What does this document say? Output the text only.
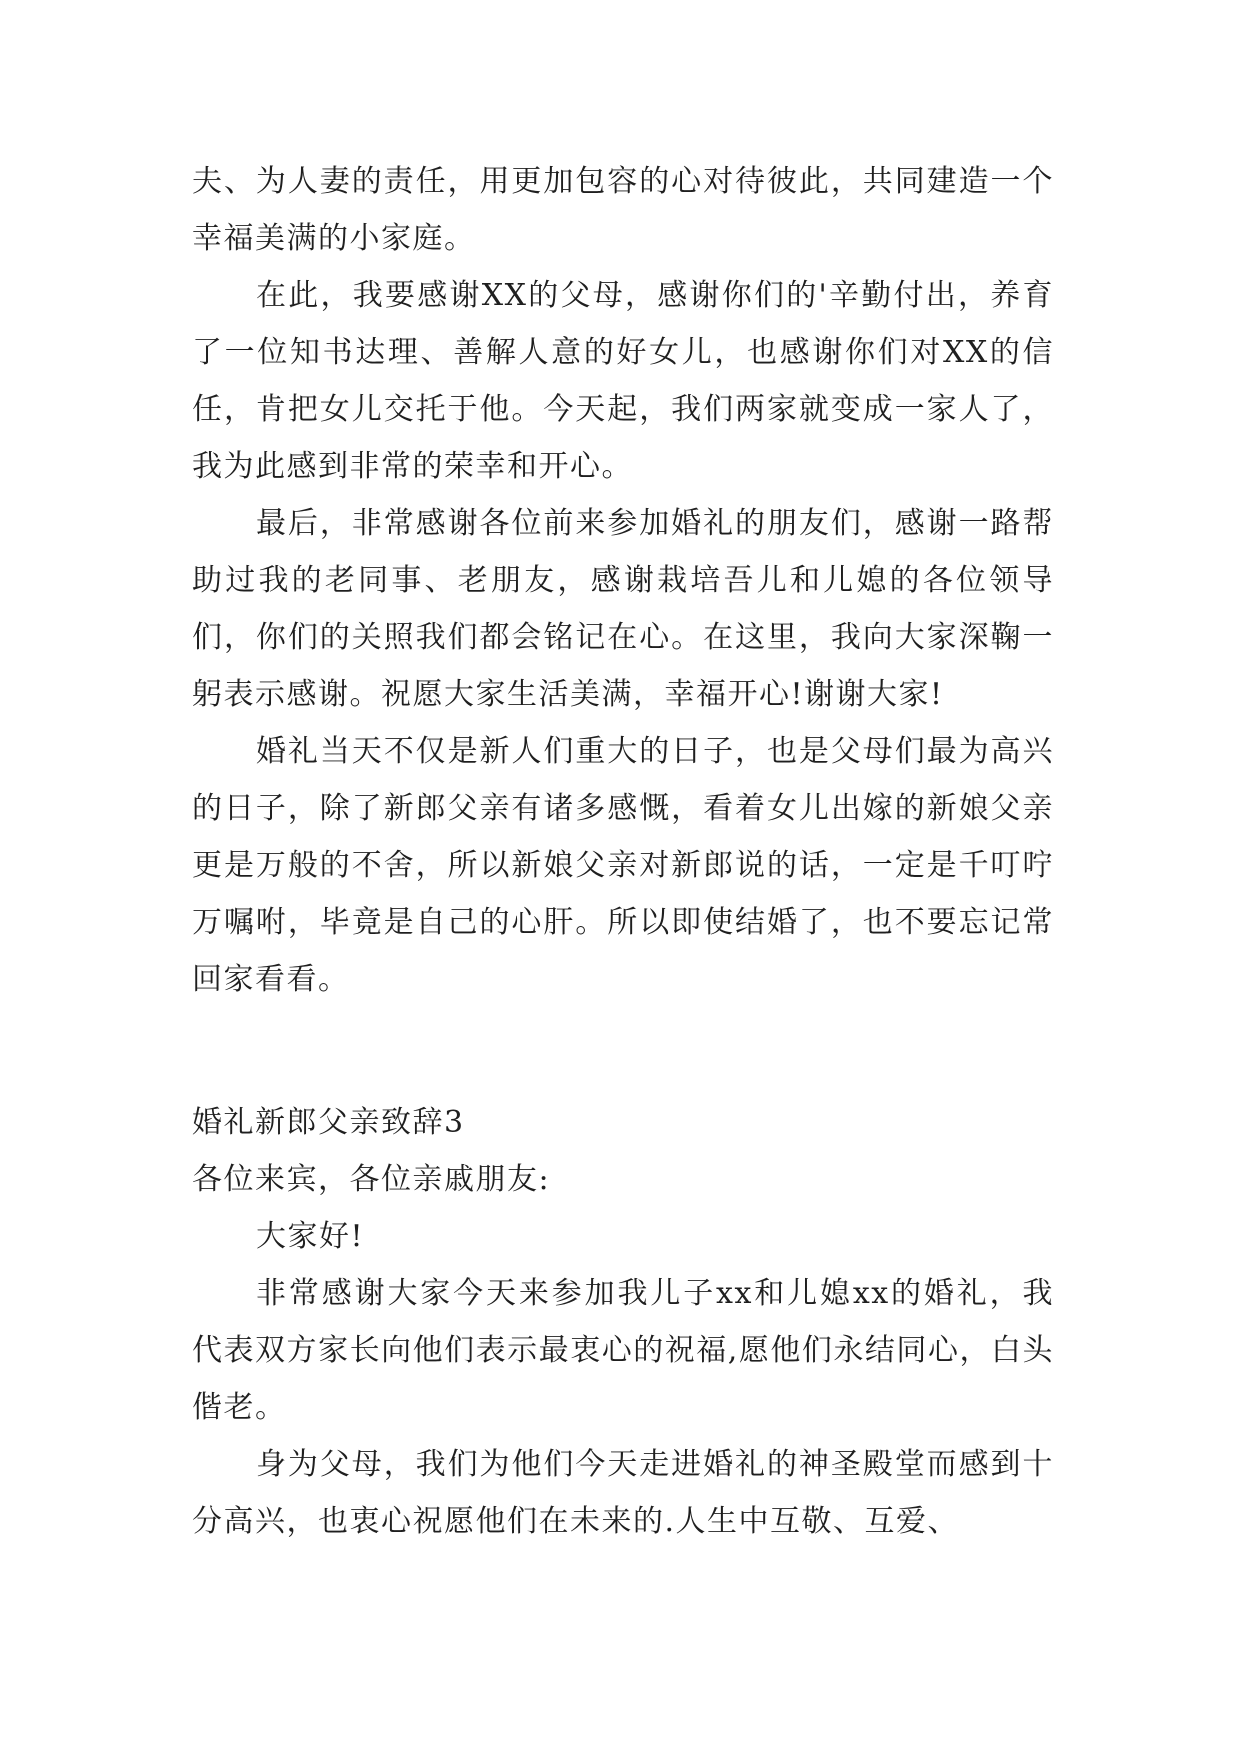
夫、为人妻的责任，用更加包容的心对待彼此，共同建造一个幸福美满的小家庭。

在此，我要感谢XX的父母，感谢你们的'辛勤付出，养育了一位知书达理、善解人意的好女儿，也感谢你们对XX的信任，肯把女儿交托于他。今天起，我们两家就变成一家人了，我为此感到非常的荣幸和开心。

最后，非常感谢各位前来参加婚礼的朋友们，感谢一路帮助过我的老同事、老朋友，感谢栽培吾儿和儿媳的各位领导们，你们的关照我们都会铭记在心。在这里，我向大家深鞠一躬表示感谢。祝愿大家生活美满，幸福开心!谢谢大家!

婚礼当天不仅是新人们重大的日子，也是父母们最为高兴的日子，除了新郎父亲有诸多感慨，看着女儿出嫁的新娘父亲更是万般的不舍，所以新娘父亲对新郎说的话，一定是千叮咛万嘱咐，毕竟是自己的心肝。所以即使结婚了，也不要忘记常回家看看。

婚礼新郎父亲致辞3

各位来宾，各位亲戚朋友:

大家好!

非常感谢大家今天来参加我儿子xx和儿媳xx的婚礼，我代表双方家长向他们表示最衷心的祝福,愿他们永结同心，白头偕老。

身为父母，我们为他们今天走进婚礼的神圣殿堂而感到十分高兴，也衷心祝愿他们在未来的.人生中互敬、互爱、
